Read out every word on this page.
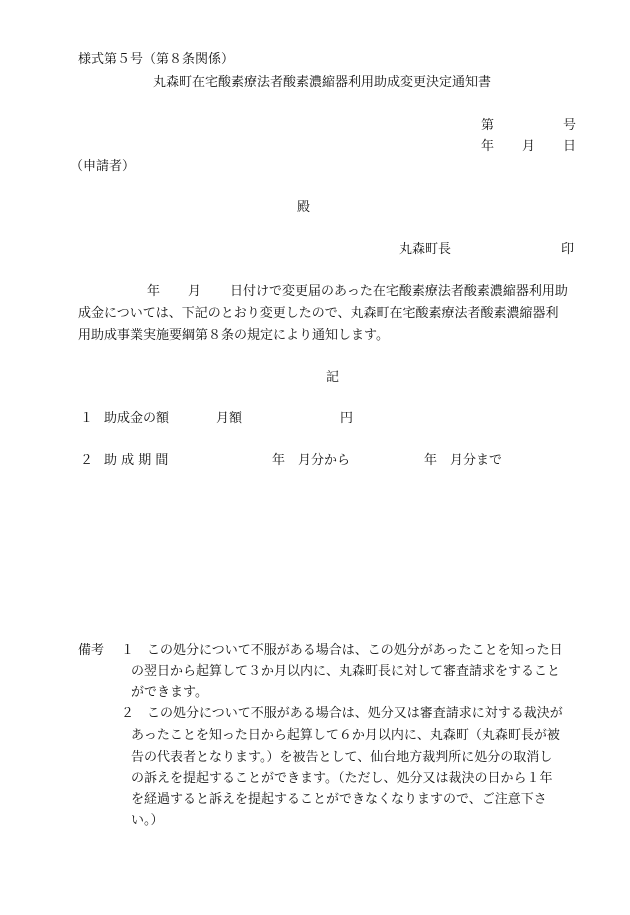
様式第５号（第８条関係）
丸森町在宅酸素療法者酸素濃縮器利用助成変更決定通知書
第	号
年 月 日
（申請者）
殿
丸森町長	印
年 月 日付けで変更届のあった在宅酸素療法者酸素濃縮器利用助
成金については、下記のとおり変更したので、丸森町在宅酸素療法者酸素濃縮器利
用助成事業実施要綱第８条の規定により通知します。
記
１ 助成金の額	月額	円
２ 助 成 期 間	年　月分から	年　月分まで
備考 １ この処分について不服がある場合は、この処分があったことを知った日
の翌日から起算して３か月以内に、丸森町長に対して審査請求をすること
ができます。
２ この処分について不服がある場合は、処分又は審査請求に対する裁決が
あったことを知った日から起算して６か月以内に、丸森町（丸森町長が被
告の代表者となります。）を被告として、仙台地方裁判所に処分の取消し
の訴えを提起することができます。（ただし、処分又は裁決の日から１年
を経過すると訴えを提起することができなくなりますので、ご注意下さ
い。）
